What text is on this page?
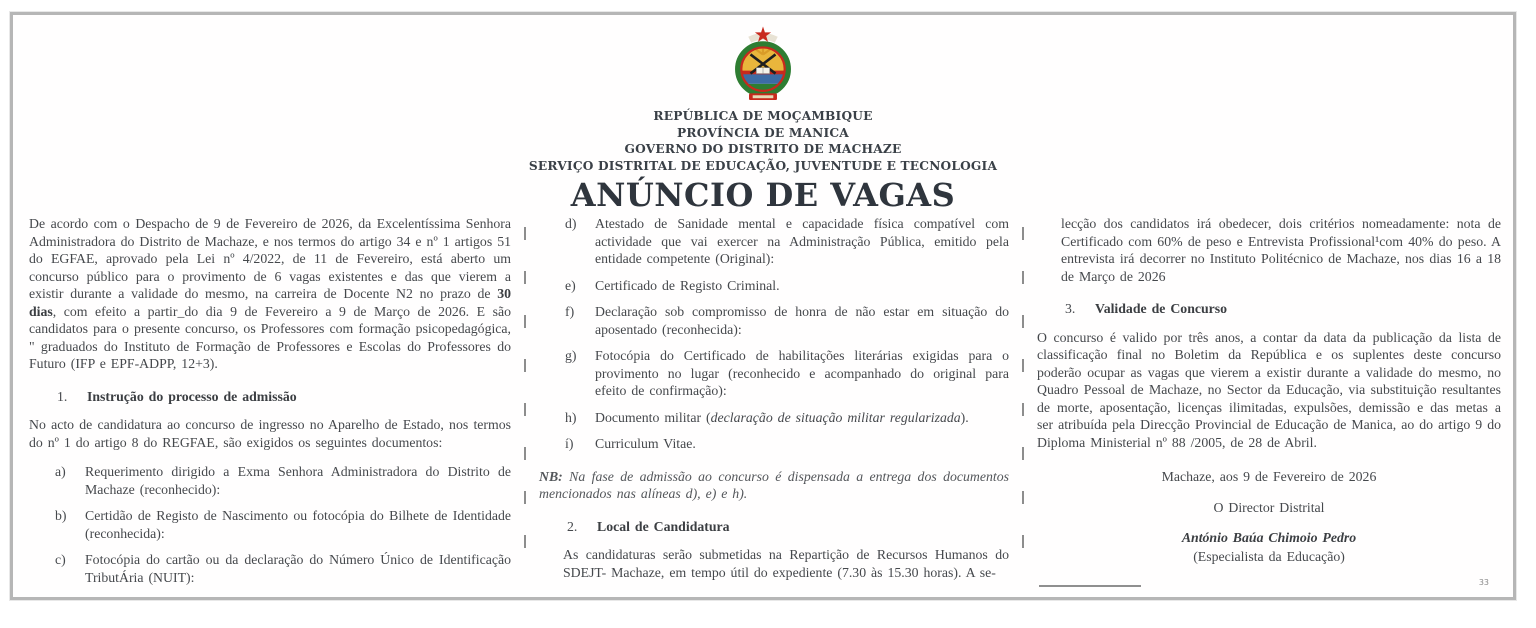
REPÚBLICA DE MOÇAMBIQUE
PROVÍNCIA DE MANICA
GOVERNO DO DISTRITO DE MACHAZE
SERVIÇO DISTRITAL DE EDUCAÇÃO, JUVENTUDE E TECNOLOGIA
ANÚNCIO DE VAGAS
De acordo com o Despacho de 9 de Fevereiro de 2026, da Excelentíssima Senhora Administradora do Distrito de Machaze, e nos termos do artigo 34 e nº 1 artigos 51 do EGFAE, aprovado pela Lei nº 4/2022, de 11 de Fevereiro, está aberto um concurso público para o provimento de 6 vagas existentes e das que vierem a existir durante a validade do mesmo, na carreira de Docente N2 no prazo de 30 dias, com efeito a partir_do dia 9 de Fevereiro a 9 de Março de 2026. E são candidatos para o presente concurso, os Professores com formação psicopedagógica, " graduados do Instituto de Formação de Professores e Escolas do Professores do Futuro (IFP e EPF-ADPP, 12+3).
1.	Instrução do processo de admissão
No acto de candidatura ao concurso de ingresso no Aparelho de Estado, nos termos do nº 1 do artigo 8 do REGFAE, são exigidos os seguintes documentos:
a)	Requerimento dirigido a Exma Senhora Administradora do Distrito de Machaze (reconhecido):
b)	Certidão de Registo de Nascimento ou fotocópia do Bilhete de Identidade (reconhecida):
c)	Fotocópia do cartão ou da declaração do Número Único de Identificação TributÁria (NUIT):
d)	Atestado de Sanidade mental e capacidade física compatível com actividade que vai exercer na Administração Pública, emitido pela entidade competente (Original):
e)	Certificado de Registo Criminal.
f)	Declaração sob compromisso de honra de não estar em situação do aposentado (reconhecida):
g)	Fotocópia do Certificado de habilitações literárias exigidas para o provimento no lugar (reconhecido e acompanhado do original para efeito de confirmação):
h)	Documento militar (declaração de situação militar regularizada).
í)	Curriculum Vitae.
NB: Na fase de admissão ao concurso é dispensada a entrega dos documentos mencionados nas alíneas d), e) e h).
2.	Local de Candidatura
As candidaturas serão submetidas na Repartição de Recursos Humanos do SDEJT- Machaze, em tempo útil do expediente (7.30 às 15.30 horas). A se-
lecção dos candidatos irá obedecer, dois critérios nomeadamente: nota de Certificado com 60% de peso e Entrevista Profissional¹com 40% do peso. A entrevista irá decorrer no Instituto Politécnico de Machaze, nos dias 16 a 18 de Março de 2026
3.	Validade de Concurso
O concurso é valido por três anos, a contar da data da publicação da lista de classificação final no Boletim da República e os suplentes deste concurso poderão ocupar as vagas que vierem a existir durante a validade do mesmo, no Quadro Pessoal de Machaze, no Sector da Educação, via substituição resultantes de morte, aposentação, licenças ilimitadas, expulsões, demissão e das metas a ser atribuída pela Direcção Provincial de Educação de Manica, ao do artigo 9 do Diploma Ministerial nº 88 /2005, de 28 de Abril.
Machaze, aos 9 de Fevereiro de 2026
O Director Distrital
António Baúa Chimoio Pedro
(Especialista da Educação)
33
